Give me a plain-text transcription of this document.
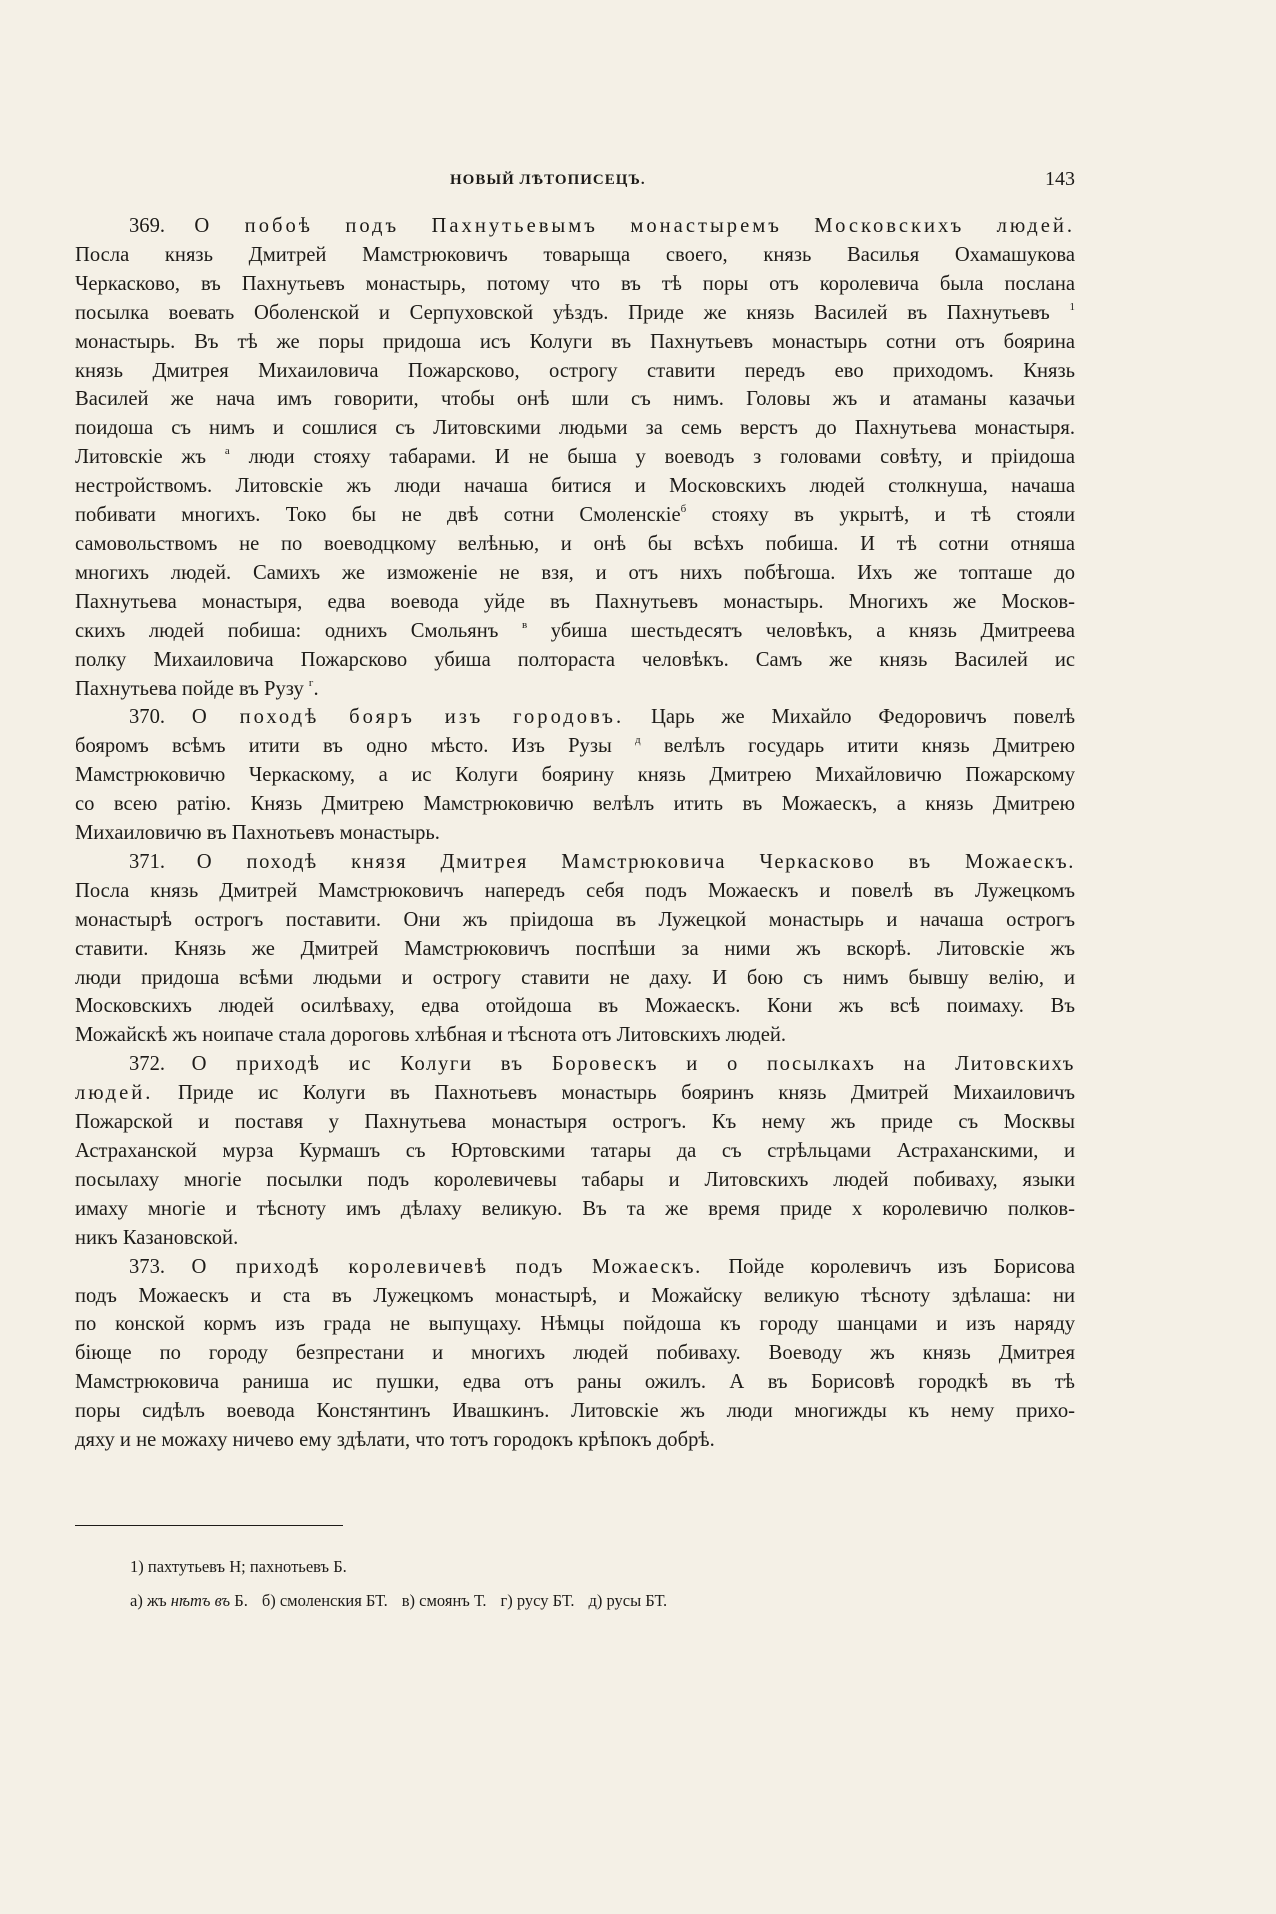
НОВЫЙ ЛѢТОПИСЕЦЪ.	143
369. О побоѣ подъ Пахнутьевымъ монастыремъ Московскихъ людей.
Посла князь Дмитрей Мамстрюковичъ товарыща своего, князь Василья Охамашукова
Черкасково, въ Пахнутьевъ монастырь, потому что въ тѣ поры отъ королевича была послана
посылка воевать Оболенской и Серпуховской уѣздъ. Приде же князь Василей въ Пахнутьевъ $^1$
монастырь. Въ тѣ же поры придоша исъ Колуги въ Пахнутьевъ монастырь сотни отъ боярина
князь Дмитрея Михаиловича Пожарсково, острогу ставити передъ ево приходомъ. Князь
Василей же нача имъ говорити, чтобы онѣ шли съ нимъ. Головы жъ и атаманы казачьи
поидоша съ нимъ и сошлися съ Литовскими людьми за семь верстъ до Пахнутьева монастыря.
Литовскіе жъ $^а$ люди стояху табарами. И не быша у воеводъ з головами совѣту, и пріидоша
нестройствомъ. Литовскіе жъ люди начаша битися и Московскихъ людей столкнуша, начаша
побивати многихъ. Токо бы не двѣ сотни Смоленскіе$^б$ стояху въ укрытѣ, и тѣ стояли
самовольствомъ не по воеводцкому велѣнью, и онѣ бы всѣхъ побиша. И тѣ сотни отняша
многихъ людей. Самихъ же изможеніе не взя, и отъ нихъ побѣгоша. Ихъ же топташе до
Пахнутьева монастыря, едва воевода уйде въ Пахнутьевъ монастырь. Многихъ же Москов-
скихъ людей побиша: однихъ Смольянъ $^в$ убиша шестьдесятъ человѣкъ, а князь Дмитреева
полку Михаиловича Пожарсково убиша полтораста человѣкъ. Самъ же князь Василей ис
Пахнутьева пойде въ Рузу $^г$.
370. О походѣ бояръ изъ городовъ. Царь же Михайло Федоровичъ повелѣ
бояромъ всѣмъ итити въ одно мѣсто. Изъ Рузы $^д$ велѣлъ государь итити князь Дмитрею
Мамстрюковичю Черкаскому, а ис Колуги боярину князь Дмитрею Михайловичю Пожарскому
со всею ратію. Князь Дмитрею Мамстрюковичю велѣлъ итить въ Можаескъ, а князь Дмитрею
Михаиловичю въ Пахнотьевъ монастырь.
371. О походѣ князя Дмитрея Мамстрюковича Черкасково въ Можаескъ.
Посла князь Дмитрей Мамстрюковичъ напередъ себя подъ Можаескъ и повелѣ въ Лужецкомъ
монастырѣ острогъ поставити. Они жъ пріидоша въ Лужецкой монастырь и начаша острогъ
ставити. Князь же Дмитрей Мамстрюковичъ поспѣши за ними жъ вскорѣ. Литовскіе жъ
люди придоша всѣми людьми и острогу ставити не даху. И бою съ нимъ бывшу велію, и
Московскихъ людей осилѣваху, едва отойдоша въ Можаескъ. Кони жъ всѣ поимаху. Въ
Можайскѣ жъ ноипаче стала дороговь хлѣбная и тѣснота отъ Литовскихъ людей.
372. О приходѣ ис Колуги въ Боровескъ и о посылкахъ на Литовскихъ
людей. Приде ис Колуги въ Пахнотьевъ монастырь бояринъ князь Дмитрей Михаиловичъ
Пожарской и поставя у Пахнутьева монастыря острогъ. Къ нему жъ приде съ Москвы
Астраханской мурза Курмашъ съ Юртовскими татары да съ стрѣльцами Астраханскими, и
посылаху многіе посылки подъ королевичевы табары и Литовскихъ людей побиваху, языки
имаху многіе и тѣсноту имъ дѣлаху великую. Въ та же время приде х королевичю полков-
никъ Казановской.
373. О приходѣ королевичевѣ подъ Можаескъ. Пойде королевичъ изъ Борисова
подъ Можаескъ и ста въ Лужецкомъ монастырѣ, и Можайску великую тѣсноту здѣлаша: ни
по конской кормъ изъ града не выпущаху. Нѣмцы пойдоша къ городу шанцами и изъ наряду
біюще по городу безпрестани и многихъ людей побиваху. Воеводу жъ князь Дмитрея
Мамстрюковича раниша ис пушки, едва отъ раны ожилъ. А въ Борисовѣ городкѣ въ тѣ
поры сидѣлъ воевода Констянтинъ Ивашкинъ. Литовскіе жъ люди многижды къ нему прихо-
дяху и не можаху ничево ему здѣлати, что тотъ городокъ крѣпокъ добрѣ.
1) пахтутьевъ Н; пахнотьевъ Б.
а) жъ нѣтъ въ Б. б) смоленския БТ. в) смоянъ Т. г) русу БТ. д) русы БТ.
